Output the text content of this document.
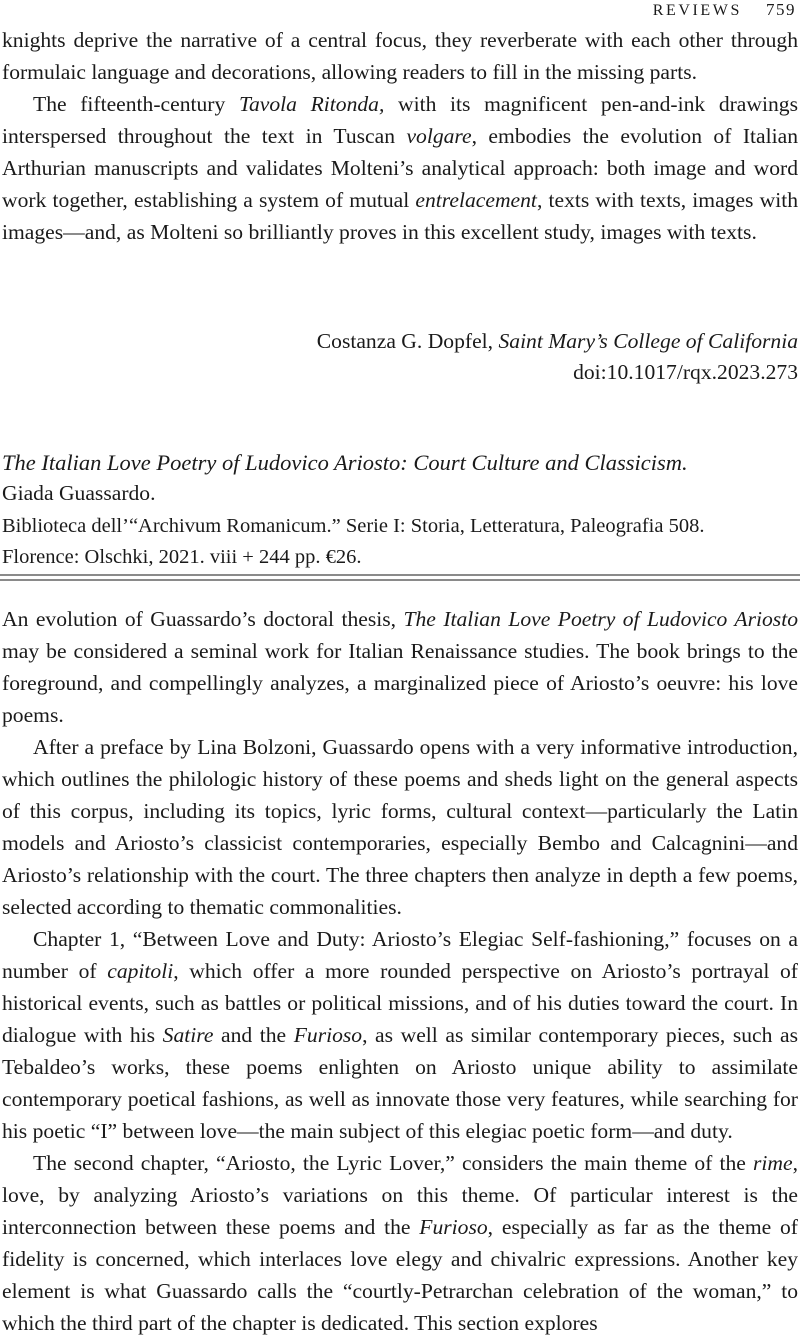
REVIEWS 759

knights deprive the narrative of a central focus, they reverberate with each other through formulaic language and decorations, allowing readers to fill in the missing parts.

The fifteenth-century Tavola Ritonda, with its magnificent pen-and-ink drawings interspersed throughout the text in Tuscan volgare, embodies the evolution of Italian Arthurian manuscripts and validates Molteni’s analytical approach: both image and word work together, establishing a system of mutual entrelacement, texts with texts, images with images—and, as Molteni so brilliantly proves in this excellent study, images with texts.

Costanza G. Dopfel, Saint Mary’s College of California
doi:10.1017/rqx.2023.273
The Italian Love Poetry of Ludovico Ariosto: Court Culture and Classicism.
Giada Guassardo.
Biblioteca dell’“Archivum Romanicum.” Serie I: Storia, Letteratura, Paleografia 508.
Florence: Olschki, 2021. viii + 244 pp. €26.

An evolution of Guassardo’s doctoral thesis, The Italian Love Poetry of Ludovico Ariosto may be considered a seminal work for Italian Renaissance studies. The book brings to the foreground, and compellingly analyzes, a marginalized piece of Ariosto’s oeuvre: his love poems.

After a preface by Lina Bolzoni, Guassardo opens with a very informative introduction, which outlines the philologic history of these poems and sheds light on the general aspects of this corpus, including its topics, lyric forms, cultural context—particularly the Latin models and Ariosto’s classicist contemporaries, especially Bembo and Calcagnini—and Ariosto’s relationship with the court. The three chapters then analyze in depth a few poems, selected according to thematic commonalities.

Chapter 1, “Between Love and Duty: Ariosto’s Elegiac Self-fashioning,” focuses on a number of capitoli, which offer a more rounded perspective on Ariosto’s portrayal of historical events, such as battles or political missions, and of his duties toward the court. In dialogue with his Satire and the Furioso, as well as similar contemporary pieces, such as Tebaldeo’s works, these poems enlighten on Ariosto unique ability to assimilate contemporary poetical fashions, as well as innovate those very features, while searching for his poetic “I” between love—the main subject of this elegiac poetic form—and duty.

The second chapter, “Ariosto, the Lyric Lover,” considers the main theme of the rime, love, by analyzing Ariosto’s variations on this theme. Of particular interest is the interconnection between these poems and the Furioso, especially as far as the theme of fidelity is concerned, which interlaces love elegy and chivalric expressions. Another key element is what Guassardo calls the “courtly-Petrarchan celebration of the woman,” to which the third part of the chapter is dedicated. This section explores
